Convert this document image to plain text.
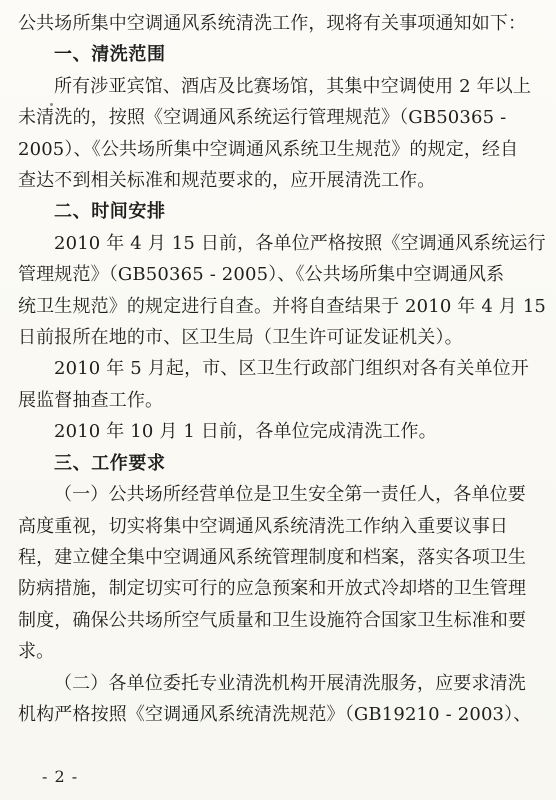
公共场所集中空调通风系统清洗工作，现将有关事项通知如下：
一、清洗范围
所有涉亚宾馆、酒店及比赛场馆，其集中空调使用 2 年以上
未清洗的，按照《空调通风系统运行管理规范》（GB50365 -
2005）、《公共场所集中空调通风系统卫生规范》的规定，经自
查达不到相关标准和规范要求的，应开展清洗工作。
二、时间安排
2010 年 4 月 15 日前，各单位严格按照《空调通风系统运行
管理规范》（GB50365 - 2005）、《公共场所集中空调通风系
统卫生规范》的规定进行自查。并将自查结果于 2010 年 4 月 15
日前报所在地的市、区卫生局（卫生许可证发证机关）。
2010 年 5 月起，市、区卫生行政部门组织对各有关单位开
展监督抽查工作。
2010 年 10 月 1 日前，各单位完成清洗工作。
三、工作要求
（一）公共场所经营单位是卫生安全第一责任人，各单位要
高度重视，切实将集中空调通风系统清洗工作纳入重要议事日
程，建立健全集中空调通风系统管理制度和档案，落实各项卫生
防病措施，制定切实可行的应急预案和开放式冷却塔的卫生管理
制度，确保公共场所空气质量和卫生设施符合国家卫生标准和要
求。
（二）各单位委托专业清洗机构开展清洗服务，应要求清洗
机构严格按照《空调通风系统清洗规范》（GB19210 - 2003）、
- 2 -
